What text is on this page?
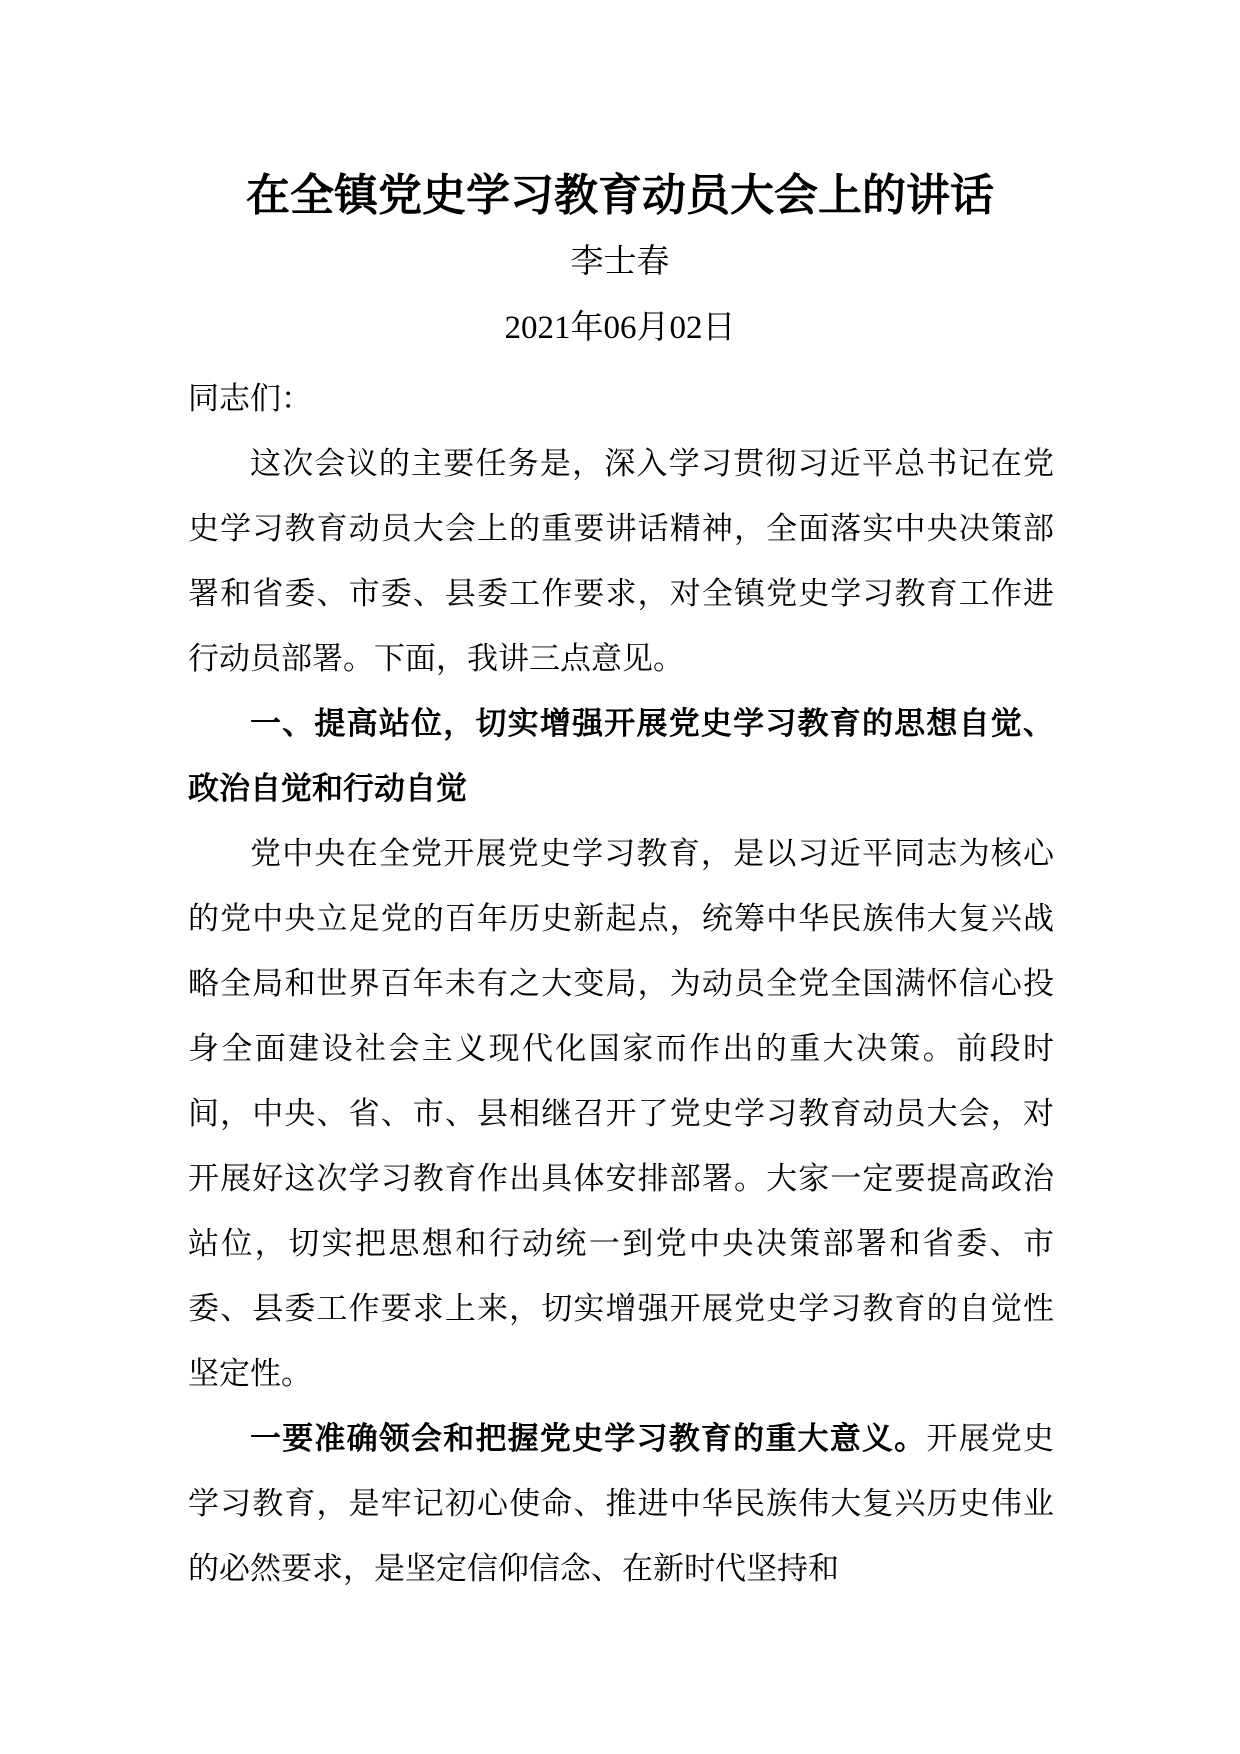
在全镇党史学习教育动员大会上的讲话
李士春
2021年06月02日

同志们：

这次会议的主要任务是，深入学习贯彻习近平总书记在党史学习教育动员大会上的重要讲话精神，全面落实中央决策部署和省委、市委、县委工作要求，对全镇党史学习教育工作进行动员部署。下面，我讲三点意见。

一、提高站位，切实增强开展党史学习教育的思想自觉、政治自觉和行动自觉

党中央在全党开展党史学习教育，是以习近平同志为核心的党中央立足党的百年历史新起点，统筹中华民族伟大复兴战略全局和世界百年未有之大变局，为动员全党全国满怀信心投身全面建设社会主义现代化国家而作出的重大决策。前段时间，中央、省、市、县相继召开了党史学习教育动员大会，对开展好这次学习教育作出具体安排部署。大家一定要提高政治站位，切实把思想和行动统一到党中央决策部署和省委、市委、县委工作要求上来，切实增强开展党史学习教育的自觉性坚定性。

一要准确领会和把握党史学习教育的重大意义。开展党史学习教育，是牢记初心使命、推进中华民族伟大复兴历史伟业的必然要求，是坚定信仰信念、在新时代坚持和
